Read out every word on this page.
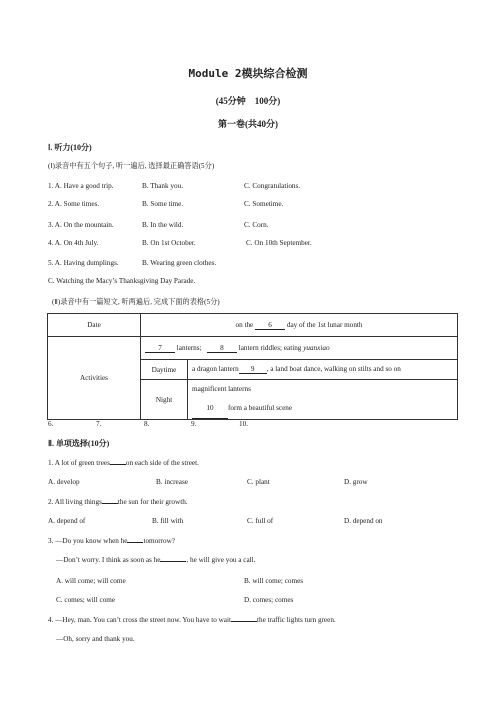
Module 2模块综合检测
(45分钟　100分)
第一卷(共40分)
Ⅰ. 听力(10分)
(Ⅰ)录音中有五个句子, 听一遍后, 选择最正确答语(5分)
1. A. Have a good trip.	B. Thank you.	C. Congratulations.
2. A. Some times.	B. Some time.	C. Sometime.
3. A. On the mountain.	B. In the wild.	C. Corn.
4. A. On 4th July.	B. On 1st October.	C. On 10th September.
5. A. Having dumplings.	B. Wearing green clothes.
C. Watching the Macy’s Thanksgiving Day Parade.
(Ⅱ)录音中有一篇短文, 听两遍后, 完成下面的表格(5分)
Date	on the 6 day of the 1st lunar month	
Activities	7 lanterns; 8 lantern riddles; eating yuanxiao	
	Daytime	a dragon lantern 9 , a land boat dance, walking on stilts and so on
	Night	magnificent lanterns
10 form a beautiful scene
6.	7.	8.	9.	10.
Ⅱ. 单项选择(10分)
1. A lot of green trees on each side of the street.
A. develop	B. increase	C. plant	D. grow
2. All living things the sun for their growth.
A. depend of	B. fill with	C. full of	D. depend on
3. —Do you know when he tomorrow?
—Don’t worry. I think as soon as he	, he will give you a call.
A. will come; will come	B. will come; comes
C. comes; will come	D. comes; comes
4. —Hey, man. You can’t cross the street now. You have to wait	the traffic lights turn green.
—Oh, sorry and thank you.
